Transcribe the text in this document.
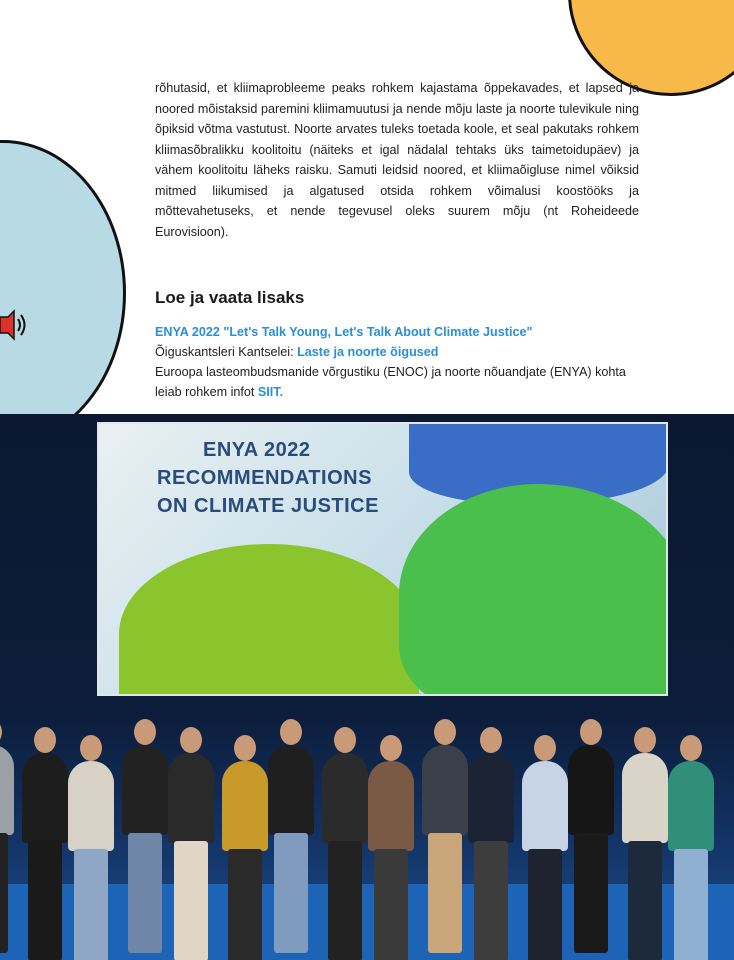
rõhutasid, et kliimaprobleeme peaks rohkem kajastama õppekavades, et lapsed ja noored mõistaksid paremini kliimamuutusi ja nende mõju laste ja noorte tulevikule ning õpiksid võtma vastutust. Noorte arvates tuleks toetada koole, et seal pakutaks rohkem kliimasõbralikku koolitoitu (näiteks et igal nädalal tehtaks üks taimetoidupäev) ja vähem koolitoitu läheks raisku. Samuti leidsid noored, et kliimaõigluse nimel võiksid mitmed liikumised ja algatused otsida rohkem võimalusi koostööks ja mõttevahetuseks, et nende tegevusel oleks suurem mõju (nt Roheideede Eurovisioon).
Loe ja vaata lisaks
ENYA 2022 "Let's Talk Young, Let's Talk About Climate Justice"
Õiguskantsleri Kantselei: Laste ja noorte õigused
Euroopa lasteombudsmanide võrgustiku (ENOC) ja noorte nõuandjate (ENYA) kohta leiab rohkem infot SIIT.
ENYA 2022
RECOMMENDATIONS
ON CLIMATE JUSTICE
